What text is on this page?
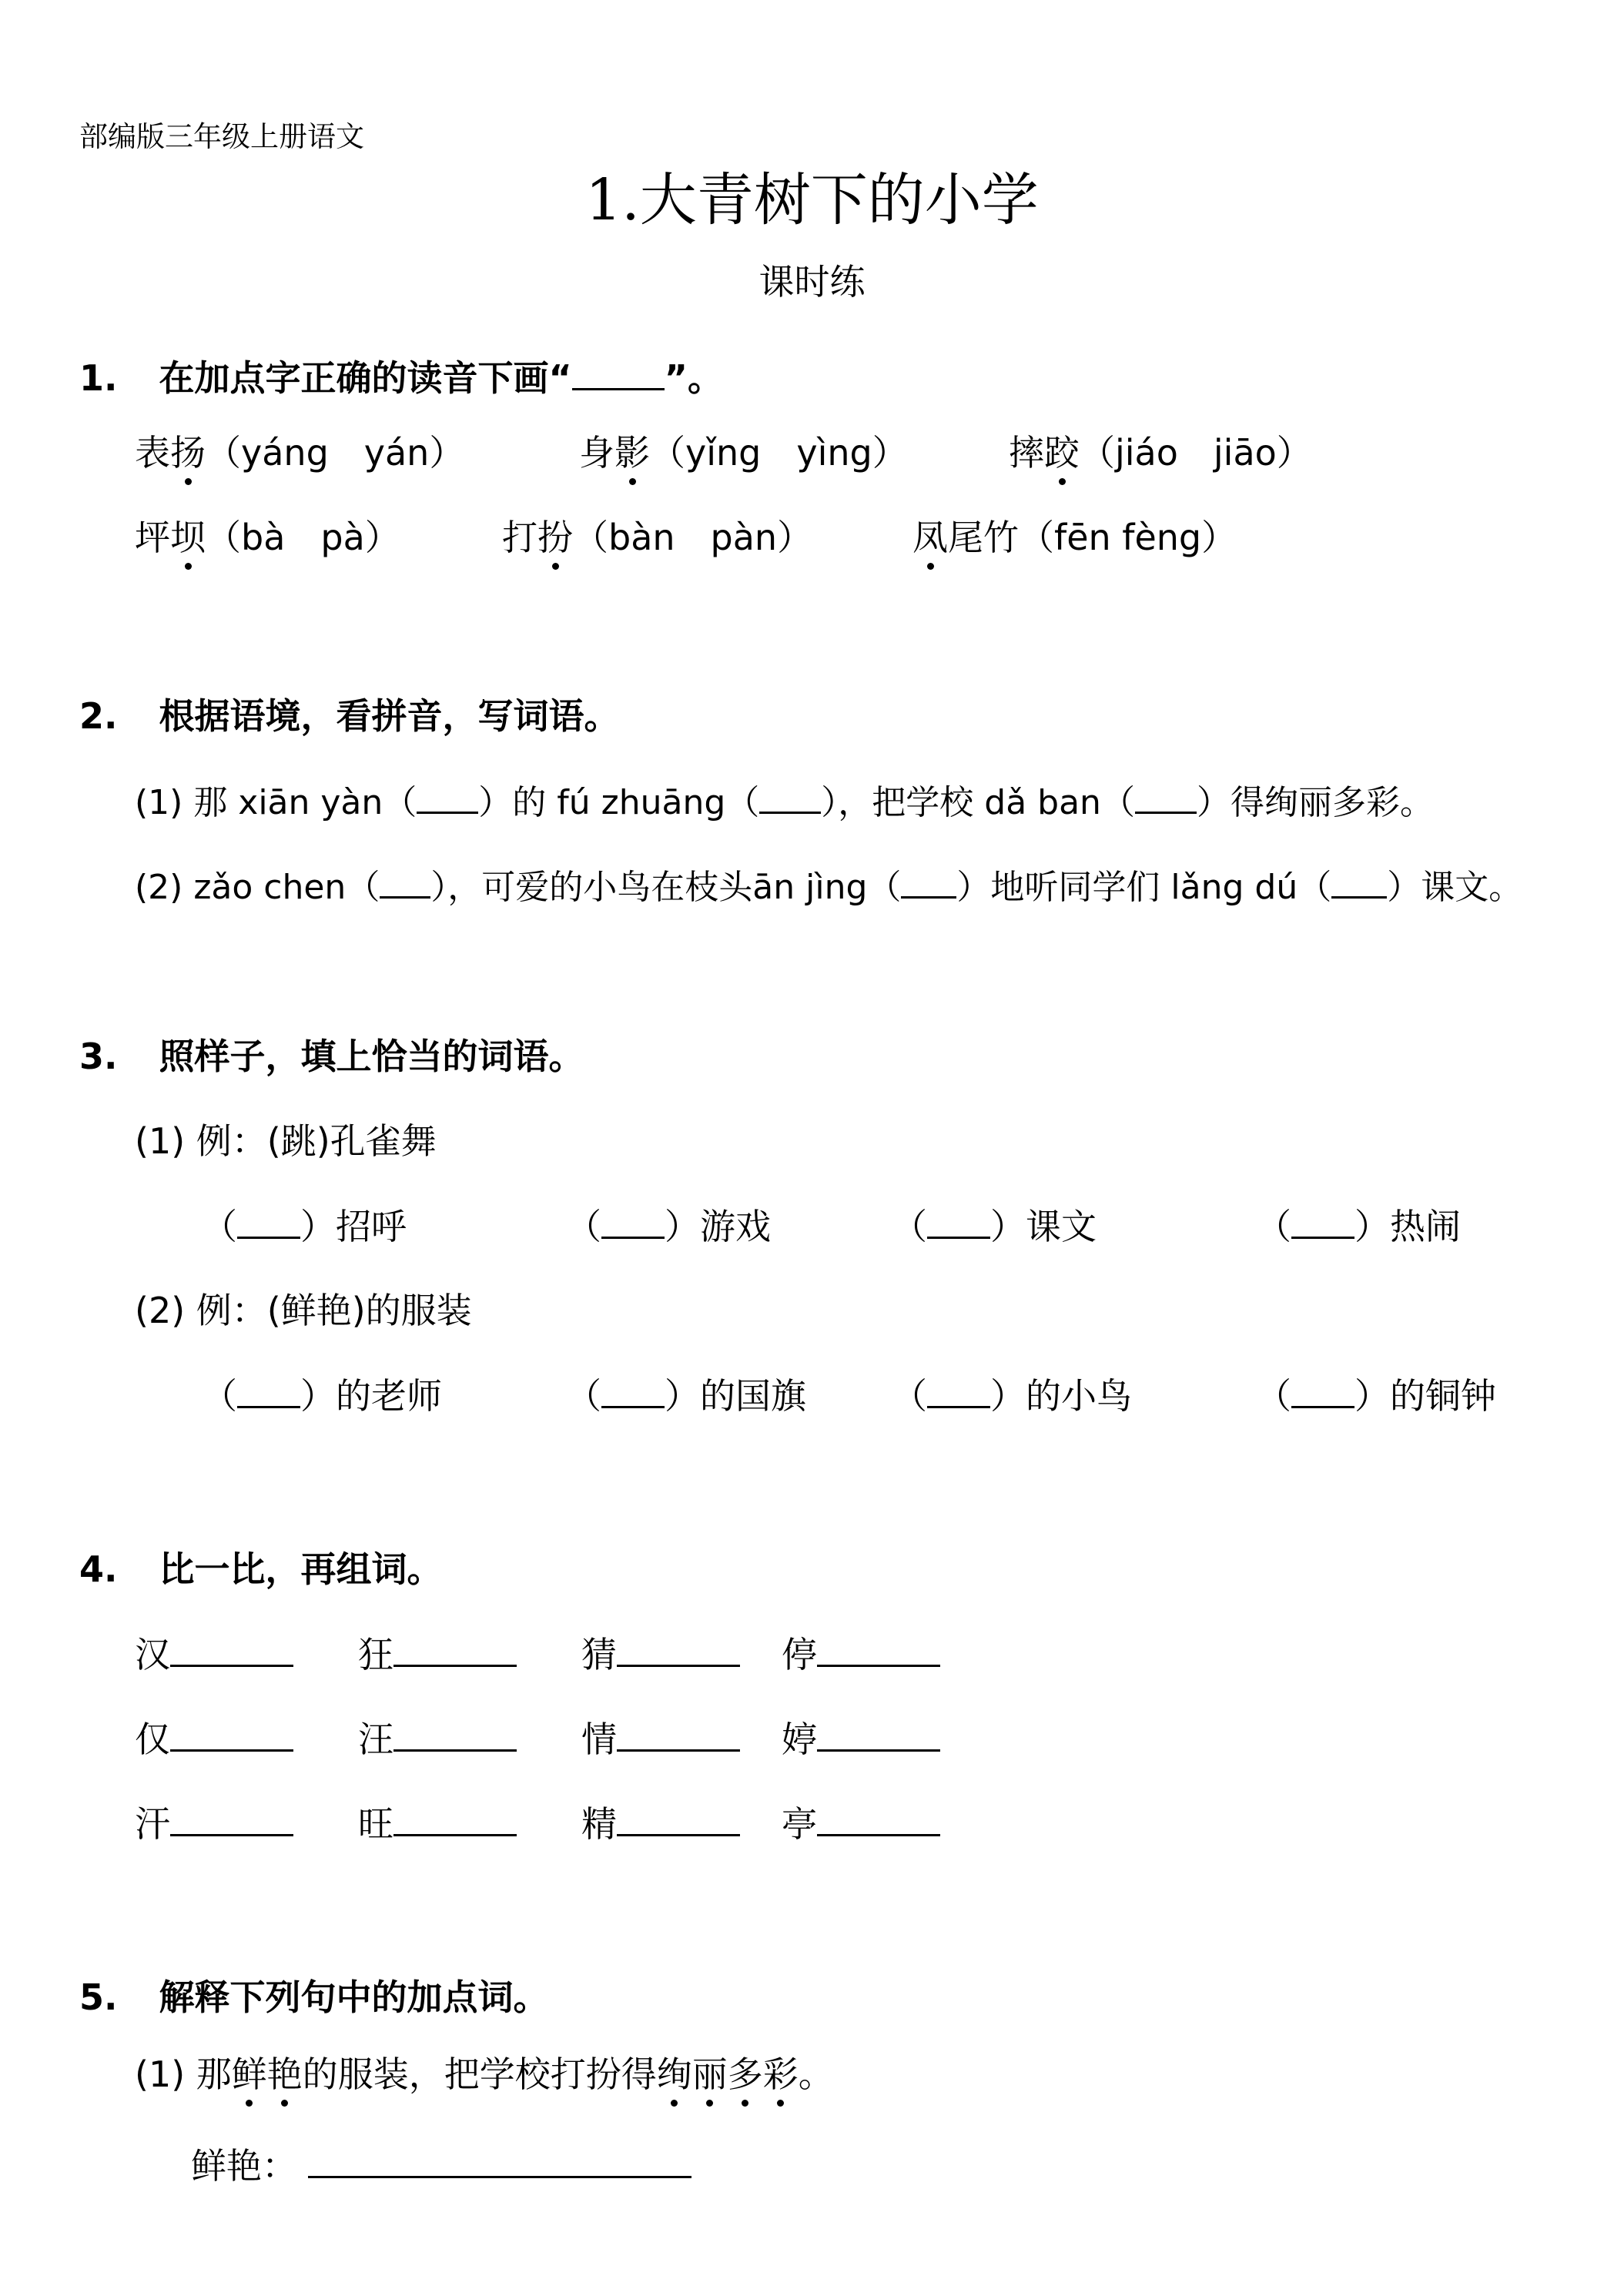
部编版三年级上册语文
1.大青树下的小学
课时练
1. 在加点字正确的读音下画“	”。
表扬（yáng　yán）	身影（yǐng　yìng）	摔跤（jiáo　jiāo）
坪坝（bà　pà）	打扮（bàn　pàn）	凤尾竹（fēn fèng）
2. 根据语境，看拼音，写词语。
(1) 那 xiān yàn（ ）的 fú zhuāng（ ），把学校 dǎ ban（ ）得绚丽多彩。
(2) zǎo chen（ ），可爱的小鸟在枝头ān jìng（ ）地听同学们 lǎng dú（ ）课文。
3. 照样子，填上恰当的词语。
(1) 例：(跳)孔雀舞
（ ）招呼	（ ）游戏	（ ）课文	（ ）热闹
(2) 例：(鲜艳)的服装
（ ）的老师	（ ）的国旗 （ ）的小鸟	（ ）的铜钟
4. 比一比，再组词。
汉	狂	猜	停
仅	汪	情	婷
汗	旺	精	亭
5. 解释下列句中的加点词。
(1) 那鲜艳的服装，把学校打扮得绚丽多彩。
鲜艳：
